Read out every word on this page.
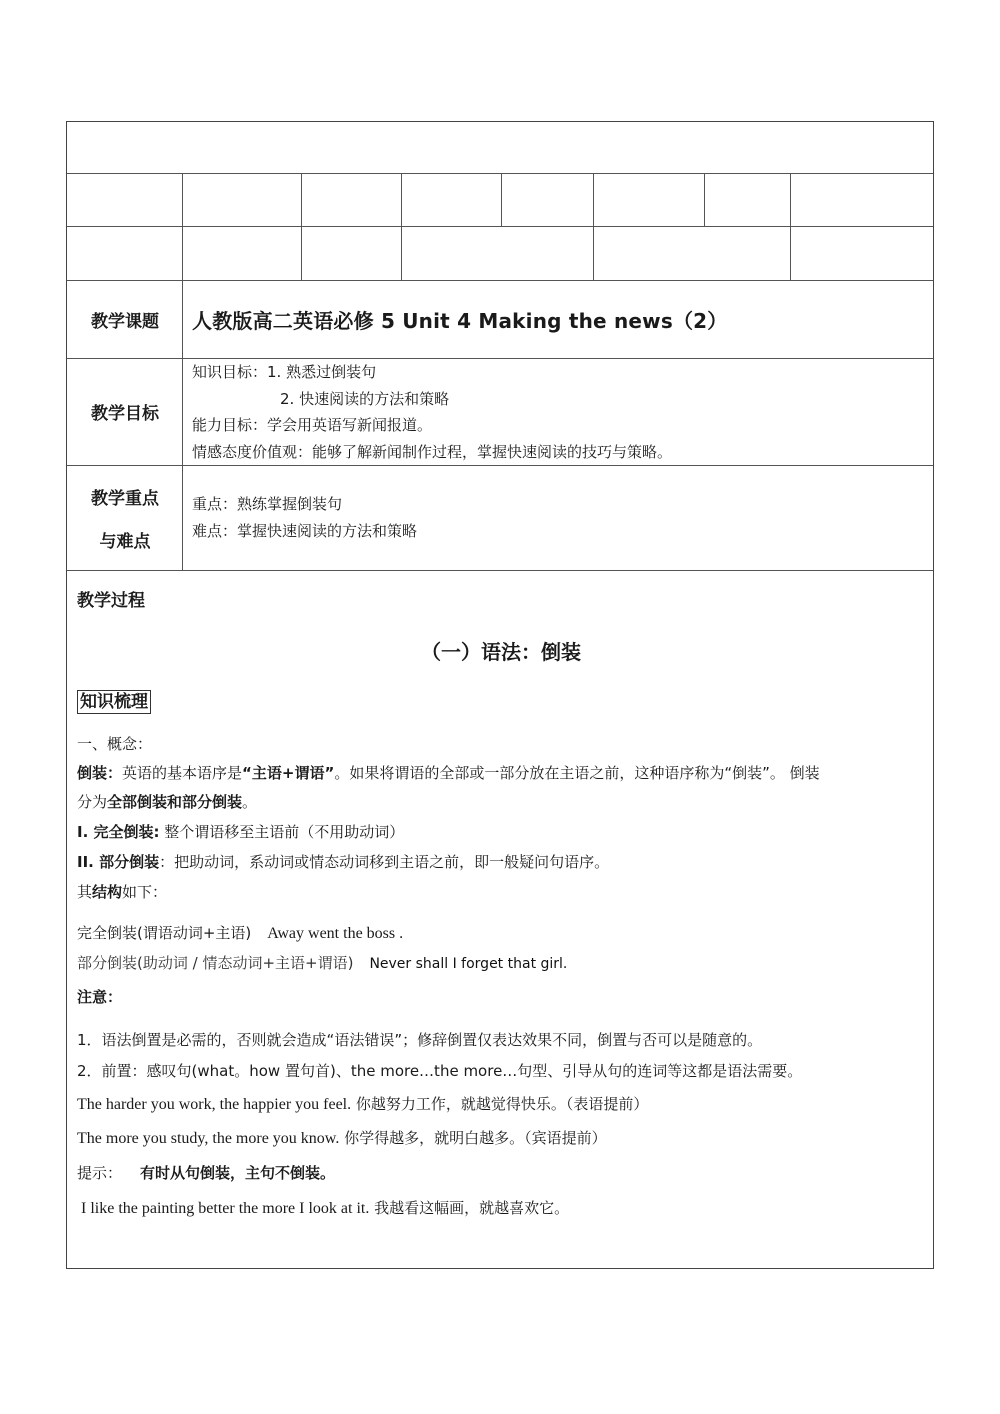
教学课题	人教版高二英语必修 5 Unit 4 Making the news（2）
教学目标
知识目标：1. 熟悉过倒装句
2. 快速阅读的方法和策略
能力目标：学会用英语写新闻报道。
情感态度价值观：能够了解新闻制作过程，掌握快速阅读的技巧与策略。
教学重点
与难点
重点：熟练掌握倒装句
难点：掌握快速阅读的方法和策略
教学过程
（一）语法：倒装
知识梳理
一、概念：
倒装：英语的基本语序是“主语+谓语”。如果将谓语的全部或一部分放在主语之前，这种语序称为“倒装”。 倒装
分为全部倒装和部分倒装。
I. 完全倒装: 整个谓语移至主语前（不用助动词）
II. 部分倒装：把助动词，系动词或情态动词移到主语之前，即一般疑问句语序。
其结构如下：
完全倒装(谓语动词+主语) Away went the boss .
部分倒装(助动词 / 情态动词+主语+谓语) Never shall I forget that girl.
注意：
1．语法倒置是必需的，否则就会造成“语法错误”；修辞倒置仅表达效果不同，倒置与否可以是随意的。
2．前置：感叹句(what。how 置句首)、the more…the more…句型、引导从句的连词等这都是语法需要。
The harder you work, the happier you feel. 你越努力工作，就越觉得快乐。（表语提前）
The more you study, the more you know. 你学得越多，就明白越多。（宾语提前）
提示： 有时从句倒装，主句不倒装。
I like the painting better the more I look at it. 我越看这幅画，就越喜欢它。
